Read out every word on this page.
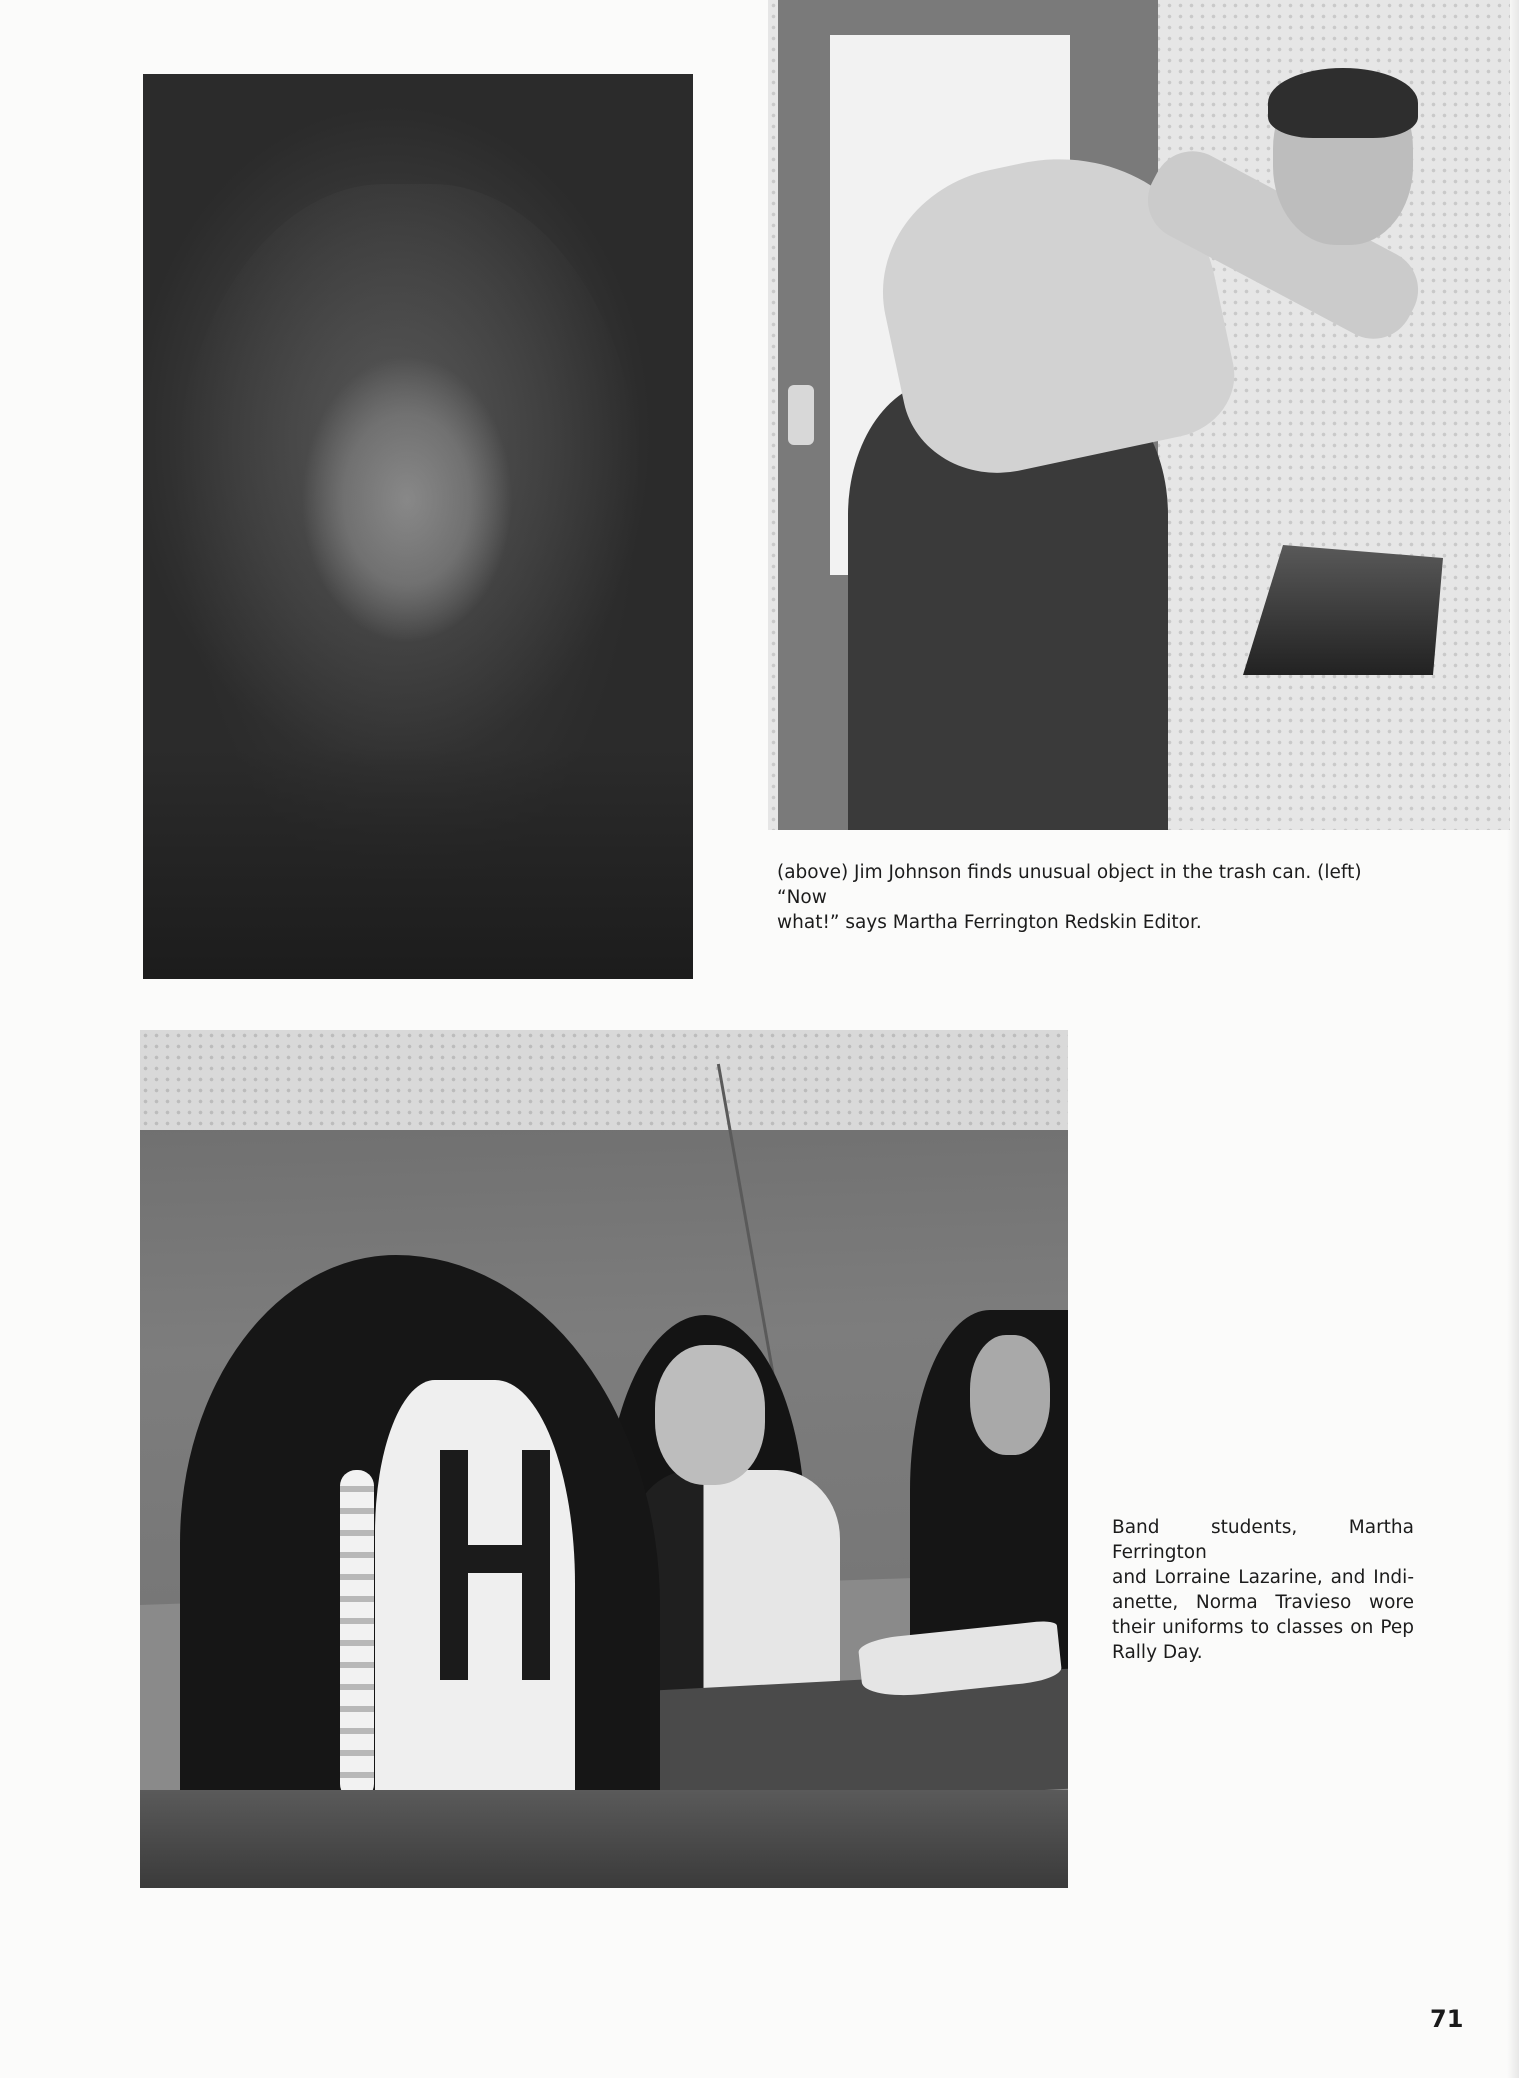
(above) Jim Johnson finds unusual object in the trash can. (left) “Now
what!” says Martha Ferrington Redskin Editor.

Band students, Martha Ferrington
and Lorraine Lazarine, and Indi-
anette, Norma Travieso wore
their uniforms to classes on Pep
Rally Day.

71
